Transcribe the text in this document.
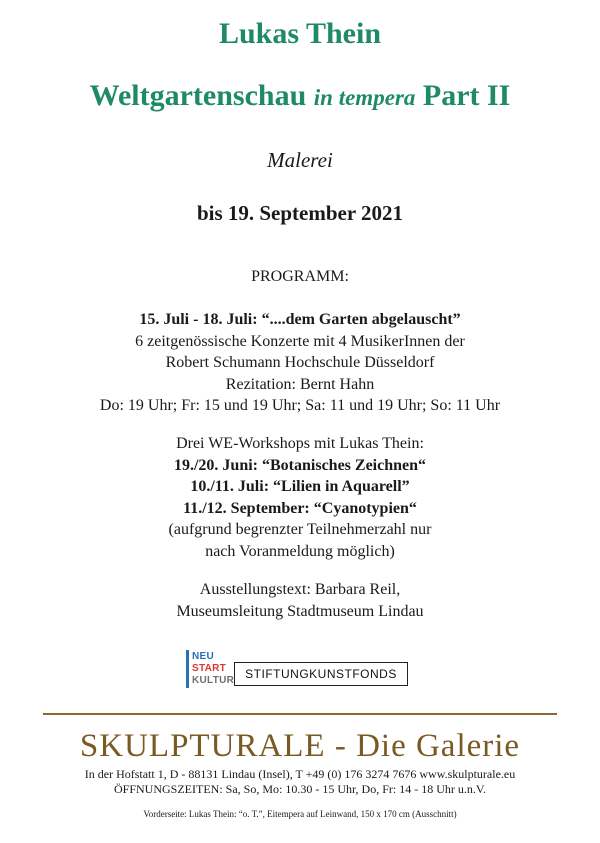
Lukas Thein
Weltgartenschau in tempera Part II
Malerei
bis 19. September 2021
PROGRAMM:
15. Juli - 18. Juli: “....dem Garten abgelauscht”
6 zeitgenössische Konzerte mit 4 MusikerInnen der
Robert Schumann Hochschule Düsseldorf
Rezitation: Bernt Hahn
Do: 19 Uhr; Fr: 15 und 19 Uhr; Sa: 11 und 19 Uhr; So: 11 Uhr
Drei WE-Workshops mit Lukas Thein:
19./20. Juni: “Botanisches Zeichnen“
10./11. Juli: “Lilien in Aquarell”
11./12. September: “Cyanotypien“
(aufgrund begrenzter Teilnehmerzahl nur
nach Voranmeldung möglich)
Ausstellungstext: Barbara Reil,
Museumsleitung Stadtmuseum Lindau
NEU
START
KULTUR STIFTUNGKUNSTFONDS
SKULPTURALE - Die Galerie
In der Hofstatt 1, D - 88131 Lindau (Insel), T +49 (0) 176 3274 7676 www.skulpturale.eu
ÖFFNUNGSZEITEN: Sa, So, Mo: 10.30 - 15 Uhr, Do, Fr: 14 - 18 Uhr u.n.V.
Vorderseite: Lukas Thein: “o. T.”, Eitempera auf Leinwand, 150 x 170 cm (Ausschnitt)
